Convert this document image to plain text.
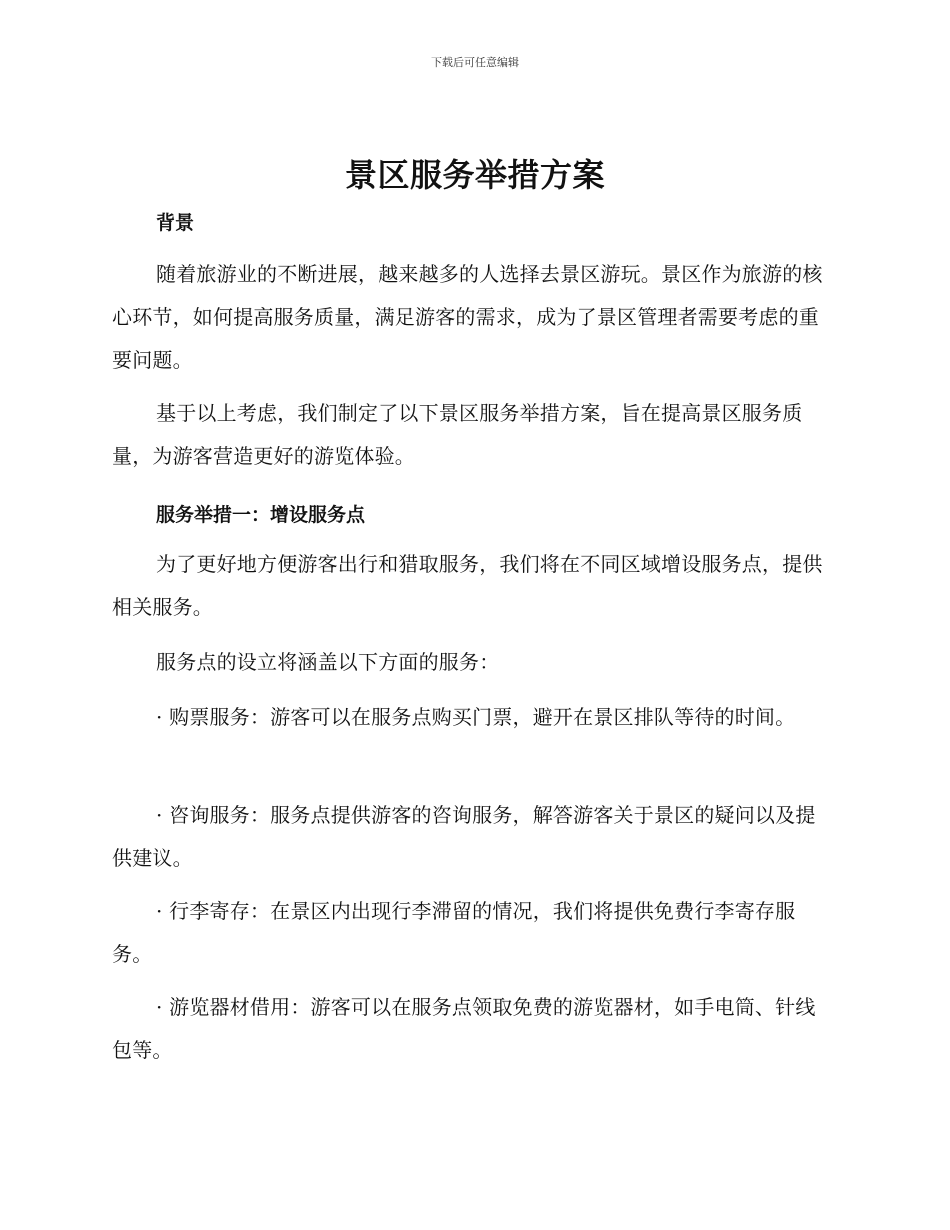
下载后可任意编辑
景区服务举措方案
背景

随着旅游业的不断进展，越来越多的人选择去景区游玩。景区作为旅游的核心环节，如何提高服务质量，满足游客的需求，成为了景区管理者需要考虑的重要问题。

基于以上考虑，我们制定了以下景区服务举措方案，旨在提高景区服务质量，为游客营造更好的游览体验。

服务举措一：增设服务点

为了更好地方便游客出行和猎取服务，我们将在不同区域增设服务点，提供相关服务。

服务点的设立将涵盖以下方面的服务：

· 购票服务：游客可以在服务点购买门票，避开在景区排队等待的时间。

· 咨询服务：服务点提供游客的咨询服务，解答游客关于景区的疑问以及提供建议。

· 行李寄存：在景区内出现行李滞留的情况，我们将提供免费行李寄存服务。

· 游览器材借用：游客可以在服务点领取免费的游览器材，如手电筒、针线包等。
